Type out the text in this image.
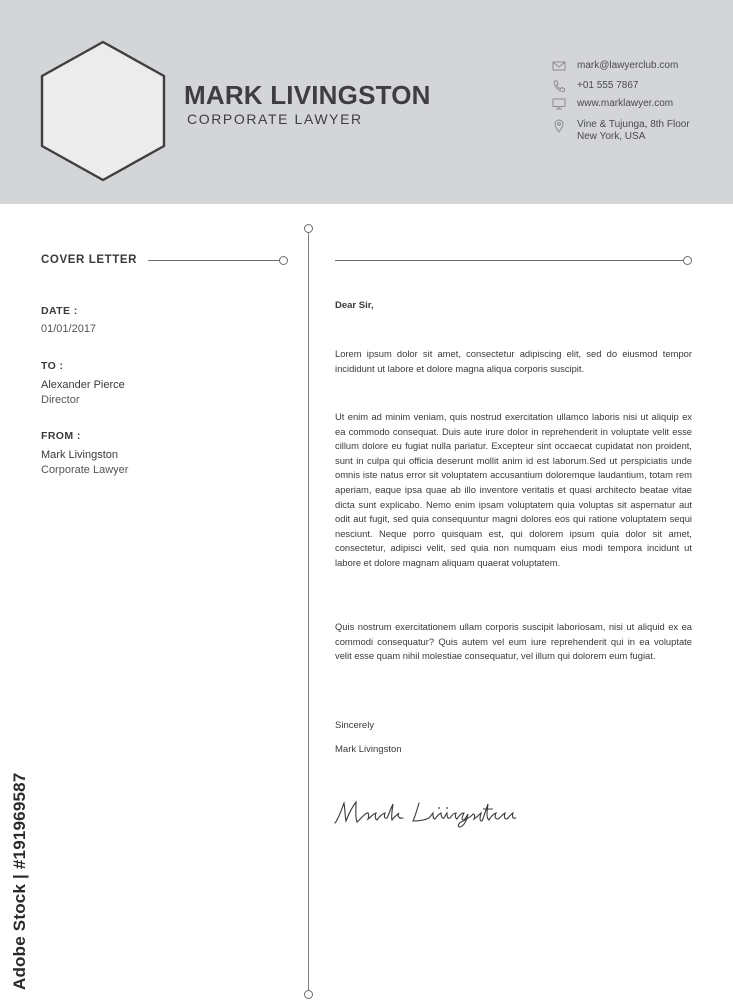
MARK LIVINGSTON
CORPORATE LAWYER
mark@lawyerclub.com
+01 555 7867
www.marklawyer.com
Vine & Tujunga, 8th Floor
New York, USA
COVER LETTER
DATE :
01/01/2017
TO :
Alexander Pierce
Director
FROM :
Mark Livingston
Corporate Lawyer
Dear Sir,
Lorem ipsum dolor sit amet, consectetur adipiscing elit, sed do eiusmod tempor incididunt ut labore et dolore magna aliqua corporis suscipit.
Ut enim ad minim veniam, quis nostrud exercitation ullamco laboris nisi ut aliquip ex ea commodo consequat. Duis aute irure dolor in reprehenderit in voluptate velit esse cillum dolore eu fugiat nulla pariatur. Excepteur sint occaecat cupidatat non proident, sunt in culpa qui officia deserunt mollit anim id est laborum.Sed ut perspiciatis unde omnis iste natus error sit voluptatem accusantium doloremque laudantium, totam rem aperiam, eaque ipsa quae ab illo inventore veritatis et quasi architecto beatae vitae dicta sunt explicabo. Nemo enim ipsam voluptatem quia voluptas sit aspernatur aut odit aut fugit, sed quia consequuntur magni dolores eos qui ratione voluptatem sequi nesciunt. Neque porro quisquam est, qui dolorem ipsum quia dolor sit amet, consectetur, adipisci velit, sed quia non numquam eius modi tempora incidunt ut labore et dolore magnam aliquam quaerat voluptatem.
Quis nostrum exercitationem ullam corporis suscipit laboriosam, nisi ut aliquid ex ea commodi consequatur? Quis autem vel eum iure reprehenderit qui in ea voluptate velit esse quam nihil molestiae consequatur, vel illum qui dolorem eum fugiat.
Sincerely
Mark Livingston
Adobe Stock | #191969587
